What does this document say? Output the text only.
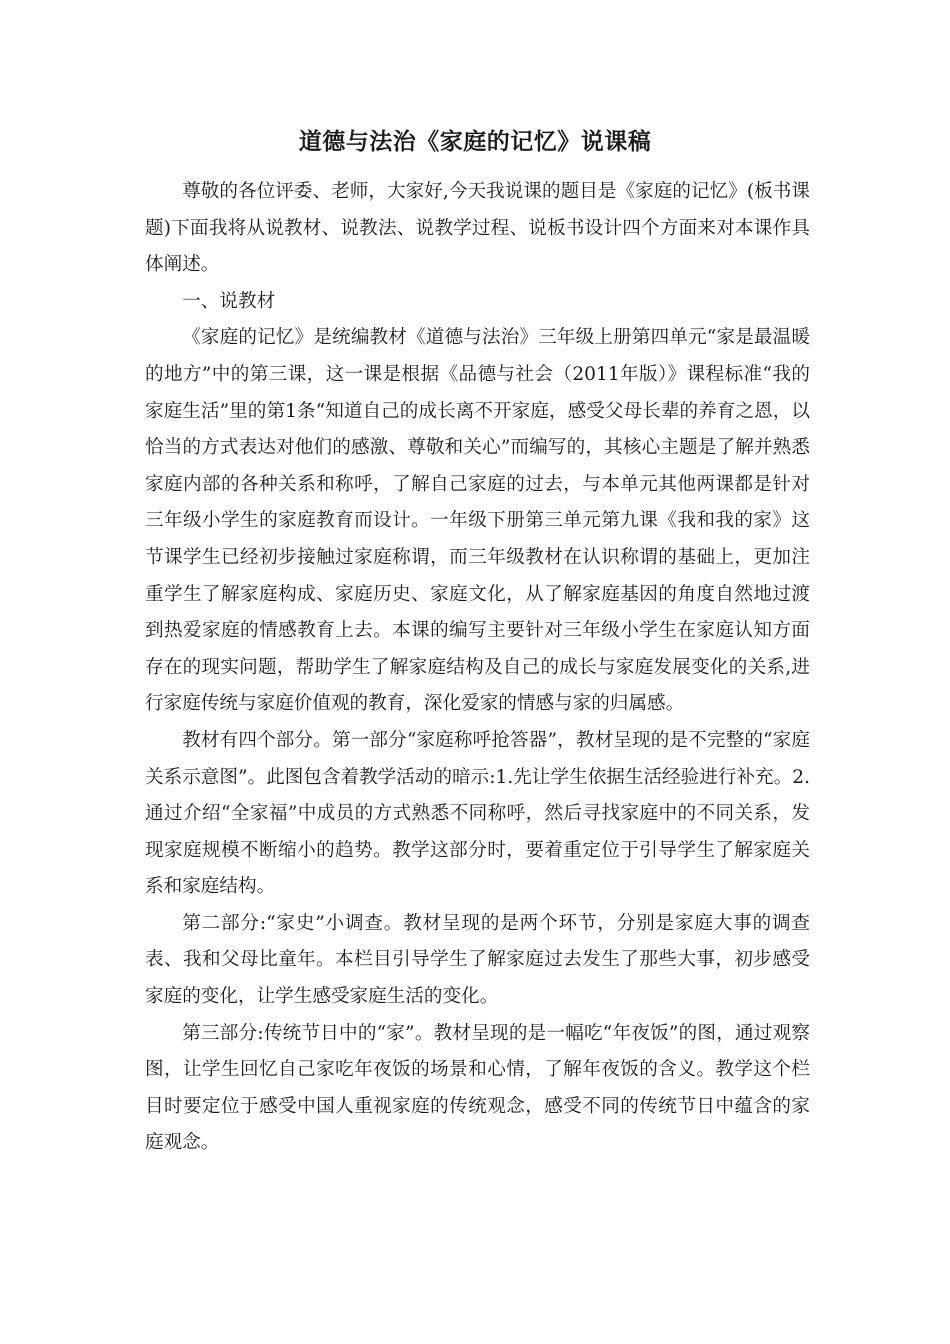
道德与法治《家庭的记忆》说课稿

尊敬的各位评委、老师，大家好,今天我说课的题目是《家庭的记忆》(板书课题)下面我将从说教材、说教法、说教学过程、说板书设计四个方面来对本课作具体阐述。

一、说教材

《家庭的记忆》是统编教材《道德与法治》三年级上册第四单元“家是最温暖的地方”中的第三课，这一课是根据《品德与社会（2011年版）》课程标准“我的家庭生活”里的第1条“知道自己的成长离不开家庭，感受父母长辈的养育之恩，以恰当的方式表达对他们的感激、尊敬和关心”而编写的，其核心主题是了解并熟悉家庭内部的各种关系和称呼，了解自己家庭的过去，与本单元其他两课都是针对三年级小学生的家庭教育而设计。一年级下册第三单元第九课《我和我的家》这节课学生已经初步接触过家庭称谓，而三年级教材在认识称谓的基础上，更加注重学生了解家庭构成、家庭历史、家庭文化，从了解家庭基因的角度自然地过渡到热爱家庭的情感教育上去。本课的编写主要针对三年级小学生在家庭认知方面存在的现实问题，帮助学生了解家庭结构及自己的成长与家庭发展变化的关系,进行家庭传统与家庭价值观的教育，深化爱家的情感与家的归属感。

教材有四个部分。第一部分“家庭称呼抢答器”，教材呈现的是不完整的“家庭关系示意图”。此图包含着教学活动的暗示:1.先让学生依据生活经验进行补充。2.　通过介绍“全家福”中成员的方式熟悉不同称呼，然后寻找家庭中的不同关系，发现家庭规模不断缩小的趋势。教学这部分时，要着重定位于引导学生了解家庭关系和家庭结构。

第二部分:“家史”小调查。教材呈现的是两个环节，分别是家庭大事的调查表、我和父母比童年。本栏目引导学生了解家庭过去发生了那些大事，初步感受家庭的变化，让学生感受家庭生活的变化。

第三部分:传统节日中的“家”。教材呈现的是一幅吃“年夜饭”的图，通过观察图，让学生回忆自己家吃年夜饭的场景和心情，了解年夜饭的含义。教学这个栏目时要定位于感受中国人重视家庭的传统观念，感受不同的传统节日中蕴含的家庭观念。
